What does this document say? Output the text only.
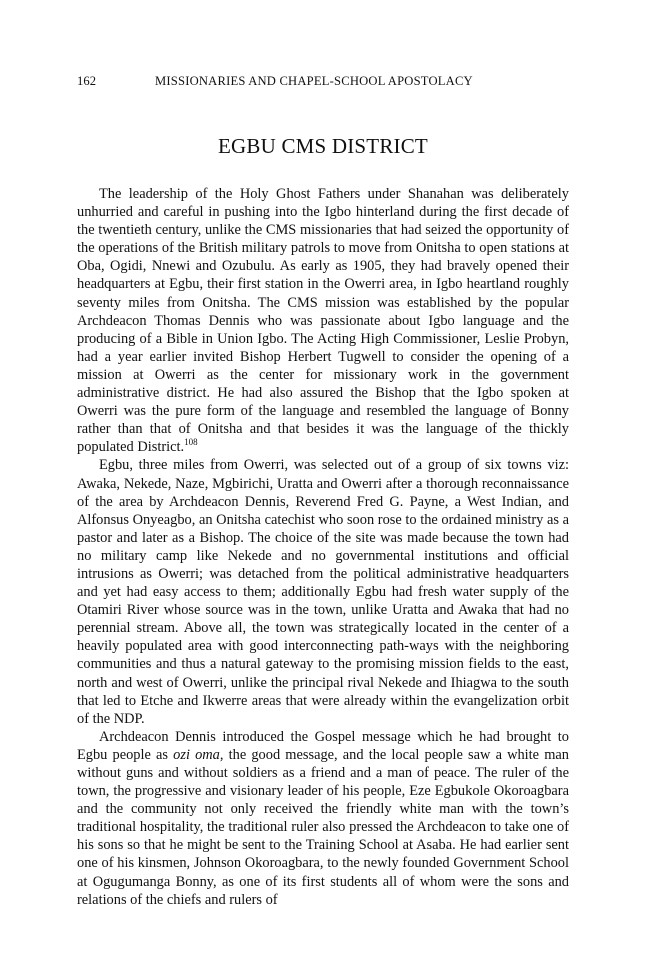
162	MISSIONARIES AND CHAPEL-SCHOOL APOSTOLACY
EGBU CMS DISTRICT

The leadership of the Holy Ghost Fathers under Shanahan was deliberately unhurried and careful in pushing into the Igbo hinterland during the first decade of the twentieth century, unlike the CMS missionaries that had seized the opportunity of the operations of the British military patrols to move from Onitsha to open stations at Oba, Ogidi, Nnewi and Ozubulu. As early as 1905, they had bravely opened their headquarters at Egbu, their first station in the Owerri area, in Igbo heartland roughly seventy miles from Onitsha. The CMS mission was established by the popular Archdeacon Thomas Dennis who was passionate about Igbo language and the producing of a Bible in Union Igbo. The Acting High Commissioner, Leslie Probyn, had a year earlier invited Bishop Herbert Tugwell to consider the opening of a mission at Owerri as the center for missionary work in the government administrative district. He had also assured the Bishop that the Igbo spoken at Owerri was the pure form of the language and resembled the language of Bonny rather than that of Onitsha and that besides it was the language of the thickly populated District.$^{108}$

Egbu, three miles from Owerri, was selected out of a group of six towns viz: Awaka, Nekede, Naze, Mgbirichi, Uratta and Owerri after a thorough reconnaissance of the area by Archdeacon Dennis, Reverend Fred G. Payne, a West Indian, and Alfonsus Onyeagbo, an Onitsha catechist who soon rose to the ordained ministry as a pastor and later as a Bishop. The choice of the site was made because the town had no military camp like Nekede and no governmental institutions and official intrusions as Owerri; was detached from the political administrative headquarters and yet had easy access to them; additionally Egbu had fresh water supply of the Otamiri River whose source was in the town, unlike Uratta and Awaka that had no perennial stream. Above all, the town was strategically located in the center of a heavily populated area with good interconnecting path-ways with the neighboring communities and thus a natural gateway to the promising mission fields to the east, north and west of Owerri, unlike the principal rival Nekede and Ihiagwa to the south that led to Etche and Ikwerre areas that were already within the evangelization orbit of the NDP.

Archdeacon Dennis introduced the Gospel message which he had brought to Egbu people as ozi oma, the good message, and the local people saw a white man without guns and without soldiers as a friend and a man of peace. The ruler of the town, the progressive and visionary leader of his people, Eze Egbukole Okoroagbara and the community not only received the friendly white man with the town’s traditional hospitality, the traditional ruler also pressed the Archdeacon to take one of his sons so that he might be sent to the Training School at Asaba. He had earlier sent one of his kinsmen, Johnson Okoroagbara, to the newly founded Government School at Ogugumanga Bonny, as one of its first students all of whom were the sons and relations of the chiefs and rulers of
